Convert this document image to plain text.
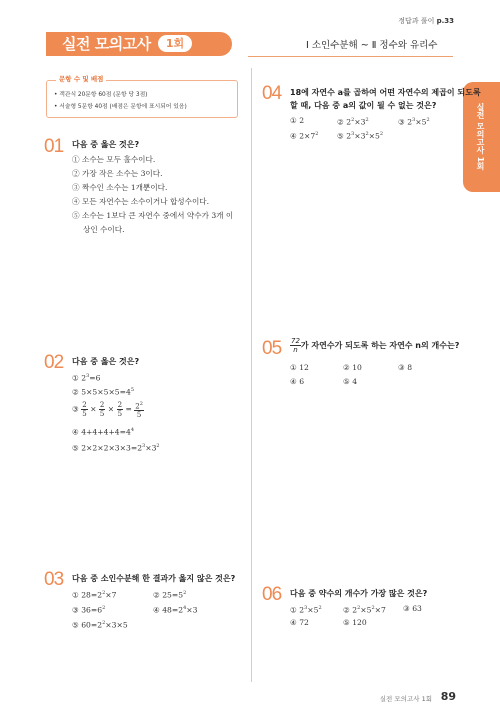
정답과 풀이 p.33
실전 모의고사	1회	Ⅰ 소인수분해 ~ Ⅱ 정수와 유리수
문항 수 및 배점
• 객관식 20문항 60점 (문항 당 3점)
• 서술형 5문항 40점 (배점은 문항에 표시되어 있음)	실전 모의고사 1회
01 다음 중 옳은 것은?
① 소수는 모두 홀수이다.
② 가장 작은 소수는 3이다.
③ 짝수인 소수는 1개뿐이다.
④ 모든 자연수는 소수이거나 합성수이다.
⑤ 소수는 1보다 큰 자연수 중에서 약수가 3개 이
상인 수이다.
02 다음 중 옳은 것은?
① $2^3=6$
② $5\times 5\times 5\times 5=4^5$
③ $\frac{2}{5} \times \frac{2}{5} \times \frac{2}{5} = \frac{2^2}{5}$
④ $4+4+4+4=4^4$
⑤ $2\times 2\times 2\times 3\times 3=2^3\times 3^2$
03 다음 중 소인수분해 한 결과가 옳지 않은 것은?
① $28=2^2\times 7$	② $25=5^2$
③ $36=6^2$	④ $48=2^4\times 3$
⑤ $60=2^2\times 3\times 5$
04 18에 자연수 a를 곱하여 어떤 자연수의 제곱이 되도록
할 때, 다음 중 a의 값이 될 수 없는 것은?
① 2	② $2^2\times 3^2$	③ $2^3\times 5^2$
④ $2\times 7^2$ ⑤ $2^3\times 3^2\times 5^2$
$05 \frac{72}{n}$ 가 자연수가 되도록 하는 자연수 n의 개수는?
① 12	② 10	③ 8
④ 6	⑤ 4
06 다음 중 약수의 개수가 가장 많은 것은?
① $2^3\times 5^2$	② $2^2\times 5^2\times 7$ ③ 63
④ 72	⑤ 120
실전 모의고사 1회 89
